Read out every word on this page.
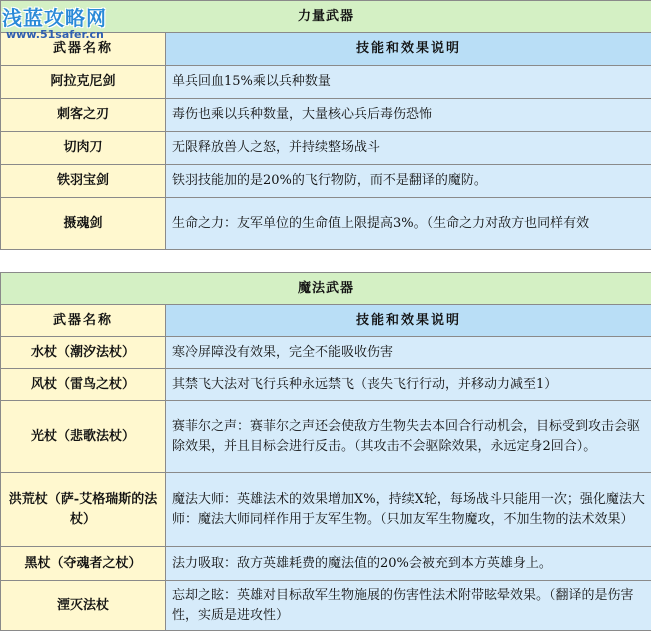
力量武器	
武器名称	技能和效果说明
阿拉克尼剑	单兵回血15%乘以兵种数量
刺客之刃	毒伤也乘以兵种数量，大量核心兵后毒伤恐怖
切肉刀	无限释放兽人之怒，并持续整场战斗
铁羽宝剑	铁羽技能加的是20%的飞行物防，而不是翻译的魔防。
摄魂剑	生命之力：友军单位的生命值上限提高3%。（生命之力对敌方也同样有效
魔法武器	
武器名称	技能和效果说明
水杖（潮汐法杖）	寒冷屏障没有效果，完全不能吸收伤害
风杖（雷鸟之杖）	其禁飞大法对飞行兵种永远禁飞（丧失飞行行动，并移动力减至1）
光杖（悲歌法杖）	赛菲尔之声：赛菲尔之声还会使敌方生物失去本回合行动机会，目标受到攻击会驱除效果，并且目标会进行反击。（其攻击不会驱除效果，永远定身2回合）。
洪荒杖（萨-艾格瑞斯的法杖）	魔法大师：英雄法术的效果增加X%，持续X轮，每场战斗只能用一次；强化魔法大师：魔法大师同样作用于友军生物。（只加友军生物魔攻，不加生物的法术效果）
黑杖（夺魂者之杖）	法力吸取：敌方英雄耗费的魔法值的20%会被充到本方英雄身上。
湮灭法杖	忘却之眩：英雄对目标敌军生物施展的伤害性法术附带眩晕效果。（翻译的是伤害性，实质是进攻性）
浅蓝攻略网
www.51safer.cn
